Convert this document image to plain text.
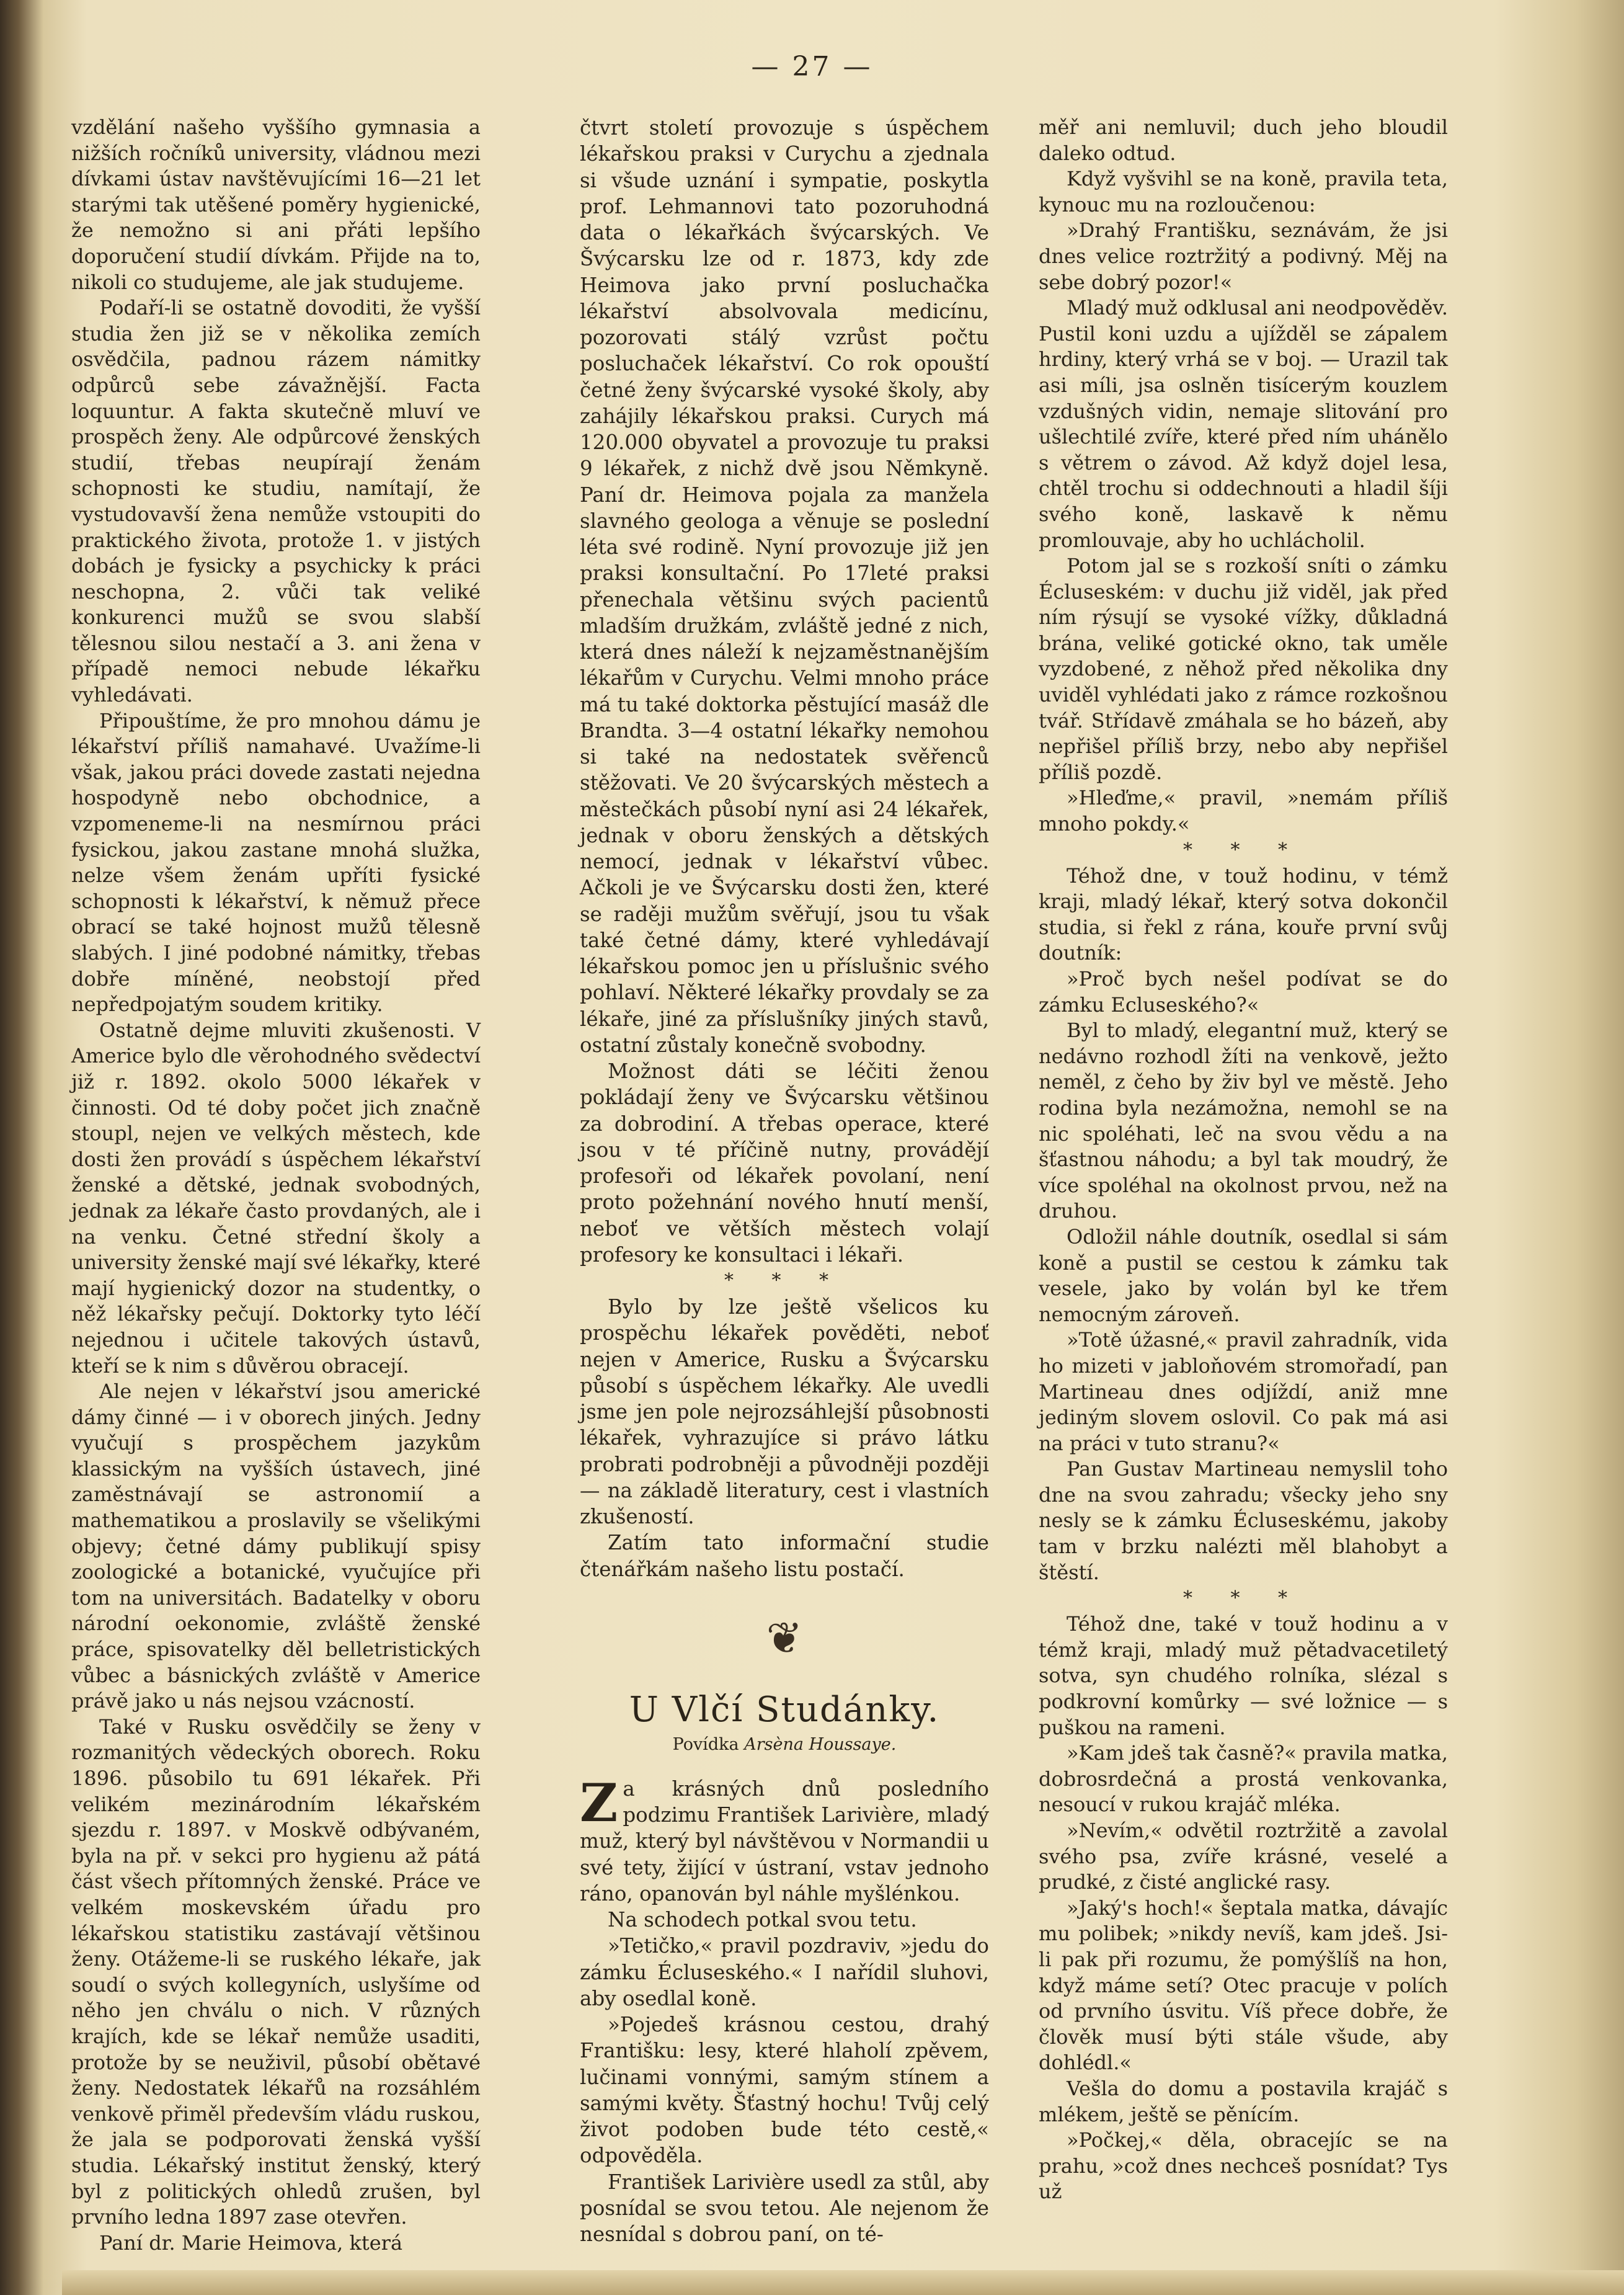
— 27 —

vzdělání našeho vyššího gymnasia a nižších ročníků university, vládnou mezi dívkami ústav navštěvujícími 16—21 let starými tak utěšené poměry hygienické, že nemožno si ani přáti lepšího doporučení studií dívkám. Přijde na to, nikoli co studujeme, ale jak studujeme.

Podaří-li se ostatně dovoditi, že vyšší studia žen již se v několika zemích osvědčila, padnou rázem námitky odpůrců sebe závažnější. Facta loquuntur. A fakta skutečně mluví ve prospěch ženy. Ale odpůrcové ženských studií, třebas neupírají ženám schopnosti ke studiu, namítají, že vystudovavší žena nemůže vstoupiti do praktického života, protože 1. v jistých dobách je fysicky a psychicky k práci neschopna, 2. vůči tak veliké konkurenci mužů se svou slabší tělesnou silou nestačí a 3. ani žena v případě nemoci nebude lékařku vyhledávati.

Připouštíme, že pro mnohou dámu je lékařství příliš namahavé. Uvažíme-li však, jakou práci dovede zastati nejedna hospodyně nebo obchodnice, a vzpomeneme-li na nesmírnou práci fysickou, jakou zastane mnohá služka, nelze všem ženám upříti fysické schopnosti k lékařství, k němuž přece obrací se také hojnost mužů tělesně slabých. I jiné podobné námitky, třebas dobře míněné, neobstojí před nepředpojatým soudem kritiky.

Ostatně dejme mluviti zkušenosti. V Americe bylo dle věrohodného svědectví již r. 1892. okolo 5000 lékařek v činnosti. Od té doby počet jich značně stoupl, nejen ve velkých městech, kde dosti žen provádí s úspěchem lékařství ženské a dětské, jednak svobodných, jednak za lékaře často provdaných, ale i na venku. Četné střední školy a university ženské mají své lékařky, které mají hygienický dozor na studentky, o něž lékařsky pečují. Doktorky tyto léčí nejednou i učitele takových ústavů, kteří se k nim s důvěrou obracejí.

Ale nejen v lékařství jsou americké dámy činné — i v oborech jiných. Jedny vyučují s prospěchem jazykům klassickým na vyšších ústavech, jiné zaměstnávají se astronomií a mathematikou a proslavily se všelikými objevy; četné dámy publikují spisy zoologické a botanické, vyučujíce při tom na universitách. Badatelky v oboru národní oekonomie, zvláště ženské práce, spisovatelky děl belletristických vůbec a básnických zvláště v Americe právě jako u nás nejsou vzácností.

Také v Rusku osvědčily se ženy v rozmanitých vědeckých oborech. Roku 1896. působilo tu 691 lékařek. Při velikém mezinárodním lékařském sjezdu r. 1897. v Moskvě odbývaném, byla na př. v sekci pro hygienu až pátá část všech přítomných ženské. Práce ve velkém moskevském úřadu pro lékařskou statistiku zastávají většinou ženy. Otážeme-li se ruského lékaře, jak soudí o svých kollegyních, uslyšíme od něho jen chválu o nich. V různých krajích, kde se lékař nemůže usaditi, protože by se neuživil, působí obětavé ženy. Nedostatek lékařů na rozsáhlém venkově přiměl především vládu ruskou, že jala se podporovati ženská vyšší studia. Lékařský institut ženský, který byl z politických ohledů zrušen, byl prvního ledna 1897 zase otevřen.

Paní dr. Marie Heimova, která

čtvrt století provozuje s úspěchem lékařskou praksi v Curychu a zjednala si všude uznání i sympatie, poskytla prof. Lehmannovi tato pozoruhodná data o lékařkách švýcarských. Ve Švýcarsku lze od r. 1873, kdy zde Heimova jako první posluchačka lékařství absolvovala medicínu, pozorovati stálý vzrůst počtu posluchaček lékařství. Co rok opouští četné ženy švýcarské vysoké školy, aby zahájily lékařskou praksi. Curych má 120.000 obyvatel a provozuje tu praksi 9 lékařek, z nichž dvě jsou Němkyně. Paní dr. Heimova pojala za manžela slavného geologa a věnuje se poslední léta své rodině. Nyní provozuje již jen praksi konsultační. Po 17leté praksi přenechala většinu svých pacientů mladším družkám, zvláště jedné z nich, která dnes náleží k nejzaměstnanějším lékařům v Curychu. Velmi mnoho práce má tu také doktorka pěstující masáž dle Brandta. 3—4 ostatní lékařky nemohou si také na nedostatek svěřenců stěžovati. Ve 20 švýcarských městech a městečkách působí nyní asi 24 lékařek, jednak v oboru ženských a dětských nemocí, jednak v lékařství vůbec. Ačkoli je ve Švýcarsku dosti žen, které se raději mužům svěřují, jsou tu však také četné dámy, které vyhledávají lékařskou pomoc jen u příslušnic svého pohlaví. Některé lékařky provdaly se za lékaře, jiné za příslušníky jiných stavů, ostatní zůstaly konečně svobodny.

Možnost dáti se léčiti ženou pokládají ženy ve Švýcarsku většinou za dobrodiní. A třebas operace, které jsou v té příčině nutny, provádějí profesoři od lékařek povolaní, není proto požehnání nového hnutí menší, neboť ve větších městech volají profesory ke konsultaci i lékaři.

* * *

Bylo by lze ještě všelicos ku prospěchu lékařek pověděti, neboť nejen v Americe, Rusku a Švýcarsku působí s úspěchem lékařky. Ale uvedli jsme jen pole nejrozsáhlejší působnosti lékařek, vyhrazujíce si právo látku probrati podrobněji a původněji později — na základě literatury, cest i vlastních zkušeností.

Zatím tato informační studie čtenářkám našeho listu postačí.

❦
U Vlčí Studánky.
Povídka Arsèna Houssaye.

Za krásných dnů posledního podzimu František Larivière, mladý muž, který byl návštěvou v Normandii u své tety, žijící v ústraní, vstav jednoho ráno, opanován byl náhle myšlénkou.

Na schodech potkal svou tetu.

»Tetičko,« pravil pozdraviv, »jedu do zámku Écluseského.« I nařídil sluhovi, aby osedlal koně.

»Pojedeš krásnou cestou, drahý Františku: lesy, které hlaholí zpěvem, lučinami vonnými, samým stínem a samými květy. Šťastný hochu! Tvůj celý život podoben bude této cestě,« odpověděla.

František Larivière usedl za stůl, aby posnídal se svou tetou. Ale nejenom že nesnídal s dobrou paní, on té-

měř ani nemluvil; duch jeho bloudil daleko odtud.

Když vyšvihl se na koně, pravila teta, kynouc mu na rozloučenou:

»Drahý Františku, seznávám, že jsi dnes velice roztržitý a podivný. Měj na sebe dobrý pozor!«

Mladý muž odklusal ani neodpověděv. Pustil koni uzdu a ujížděl se zápalem hrdiny, který vrhá se v boj. — Urazil tak asi míli, jsa oslněn tisícerým kouzlem vzdušných vidin, nemaje slitování pro ušlechtilé zvíře, které před ním uhánělo s větrem o závod. Až když dojel lesa, chtěl trochu si oddechnouti a hladil šíji svého koně, laskavě k němu promlouvaje, aby ho uchlácholil.

Potom jal se s rozkoší sníti o zámku Écluseském: v duchu již viděl, jak před ním rýsují se vysoké vížky, důkladná brána, veliké gotické okno, tak uměle vyzdobené, z něhož před několika dny uviděl vyhlédati jako z rámce rozkošnou tvář. Střídavě zmáhala se ho bázeň, aby nepřišel příliš brzy, nebo aby nepřišel příliš pozdě.

»Hleďme,« pravil, »nemám příliš mnoho pokdy.«

* * *

Téhož dne, v touž hodinu, v témž kraji, mladý lékař, který sotva dokončil studia, si řekl z rána, kouře první svůj doutník:

»Proč bych nešel podívat se do zámku Ecluseského?«

Byl to mladý, elegantní muž, který se nedávno rozhodl žíti na venkově, ježto neměl, z čeho by živ byl ve městě. Jeho rodina byla nezámožna, nemohl se na nic spoléhati, leč na svou vědu a na šťastnou náhodu; a byl tak moudrý, že více spoléhal na okolnost prvou, než na druhou.

Odložil náhle doutník, osedlal si sám koně a pustil se cestou k zámku tak vesele, jako by volán byl ke třem nemocným zároveň.

»Totě úžasné,« pravil zahradník, vida ho mizeti v jabloňovém stromořadí, pan Martineau dnes odjíždí, aniž mne jediným slovem oslovil. Co pak má asi na práci v tuto stranu?«

Pan Gustav Martineau nemyslil toho dne na svou zahradu; všecky jeho sny nesly se k zámku Écluseskému, jakoby tam v brzku nalézti měl blahobyt a štěstí.

* * *

Téhož dne, také v touž hodinu a v témž kraji, mladý muž pětadvacetiletý sotva, syn chudého rolníka, slézal s podkrovní komůrky — své ložnice — s puškou na rameni.

»Kam jdeš tak časně?« pravila matka, dobrosrdečná a prostá venkovanka, nesoucí v rukou krajáč mléka.

»Nevím,« odvětil roztržitě a zavolal svého psa, zvíře krásné, veselé a prudké, z čisté anglické rasy.

»Jaký's hoch!« šeptala matka, dávajíc mu polibek; »nikdy nevíš, kam jdeš. Jsi-li pak při rozumu, že pomýšlíš na hon, když máme setí? Otec pracuje v polích od prvního úsvitu. Víš přece dobře, že člověk musí býti stále všude, aby dohlédl.«

Vešla do domu a postavila krajáč s mlékem, ještě se pěnícím.

»Počkej,« děla, obracejíc se na prahu, »což dnes nechceš posnídat? Tys už
